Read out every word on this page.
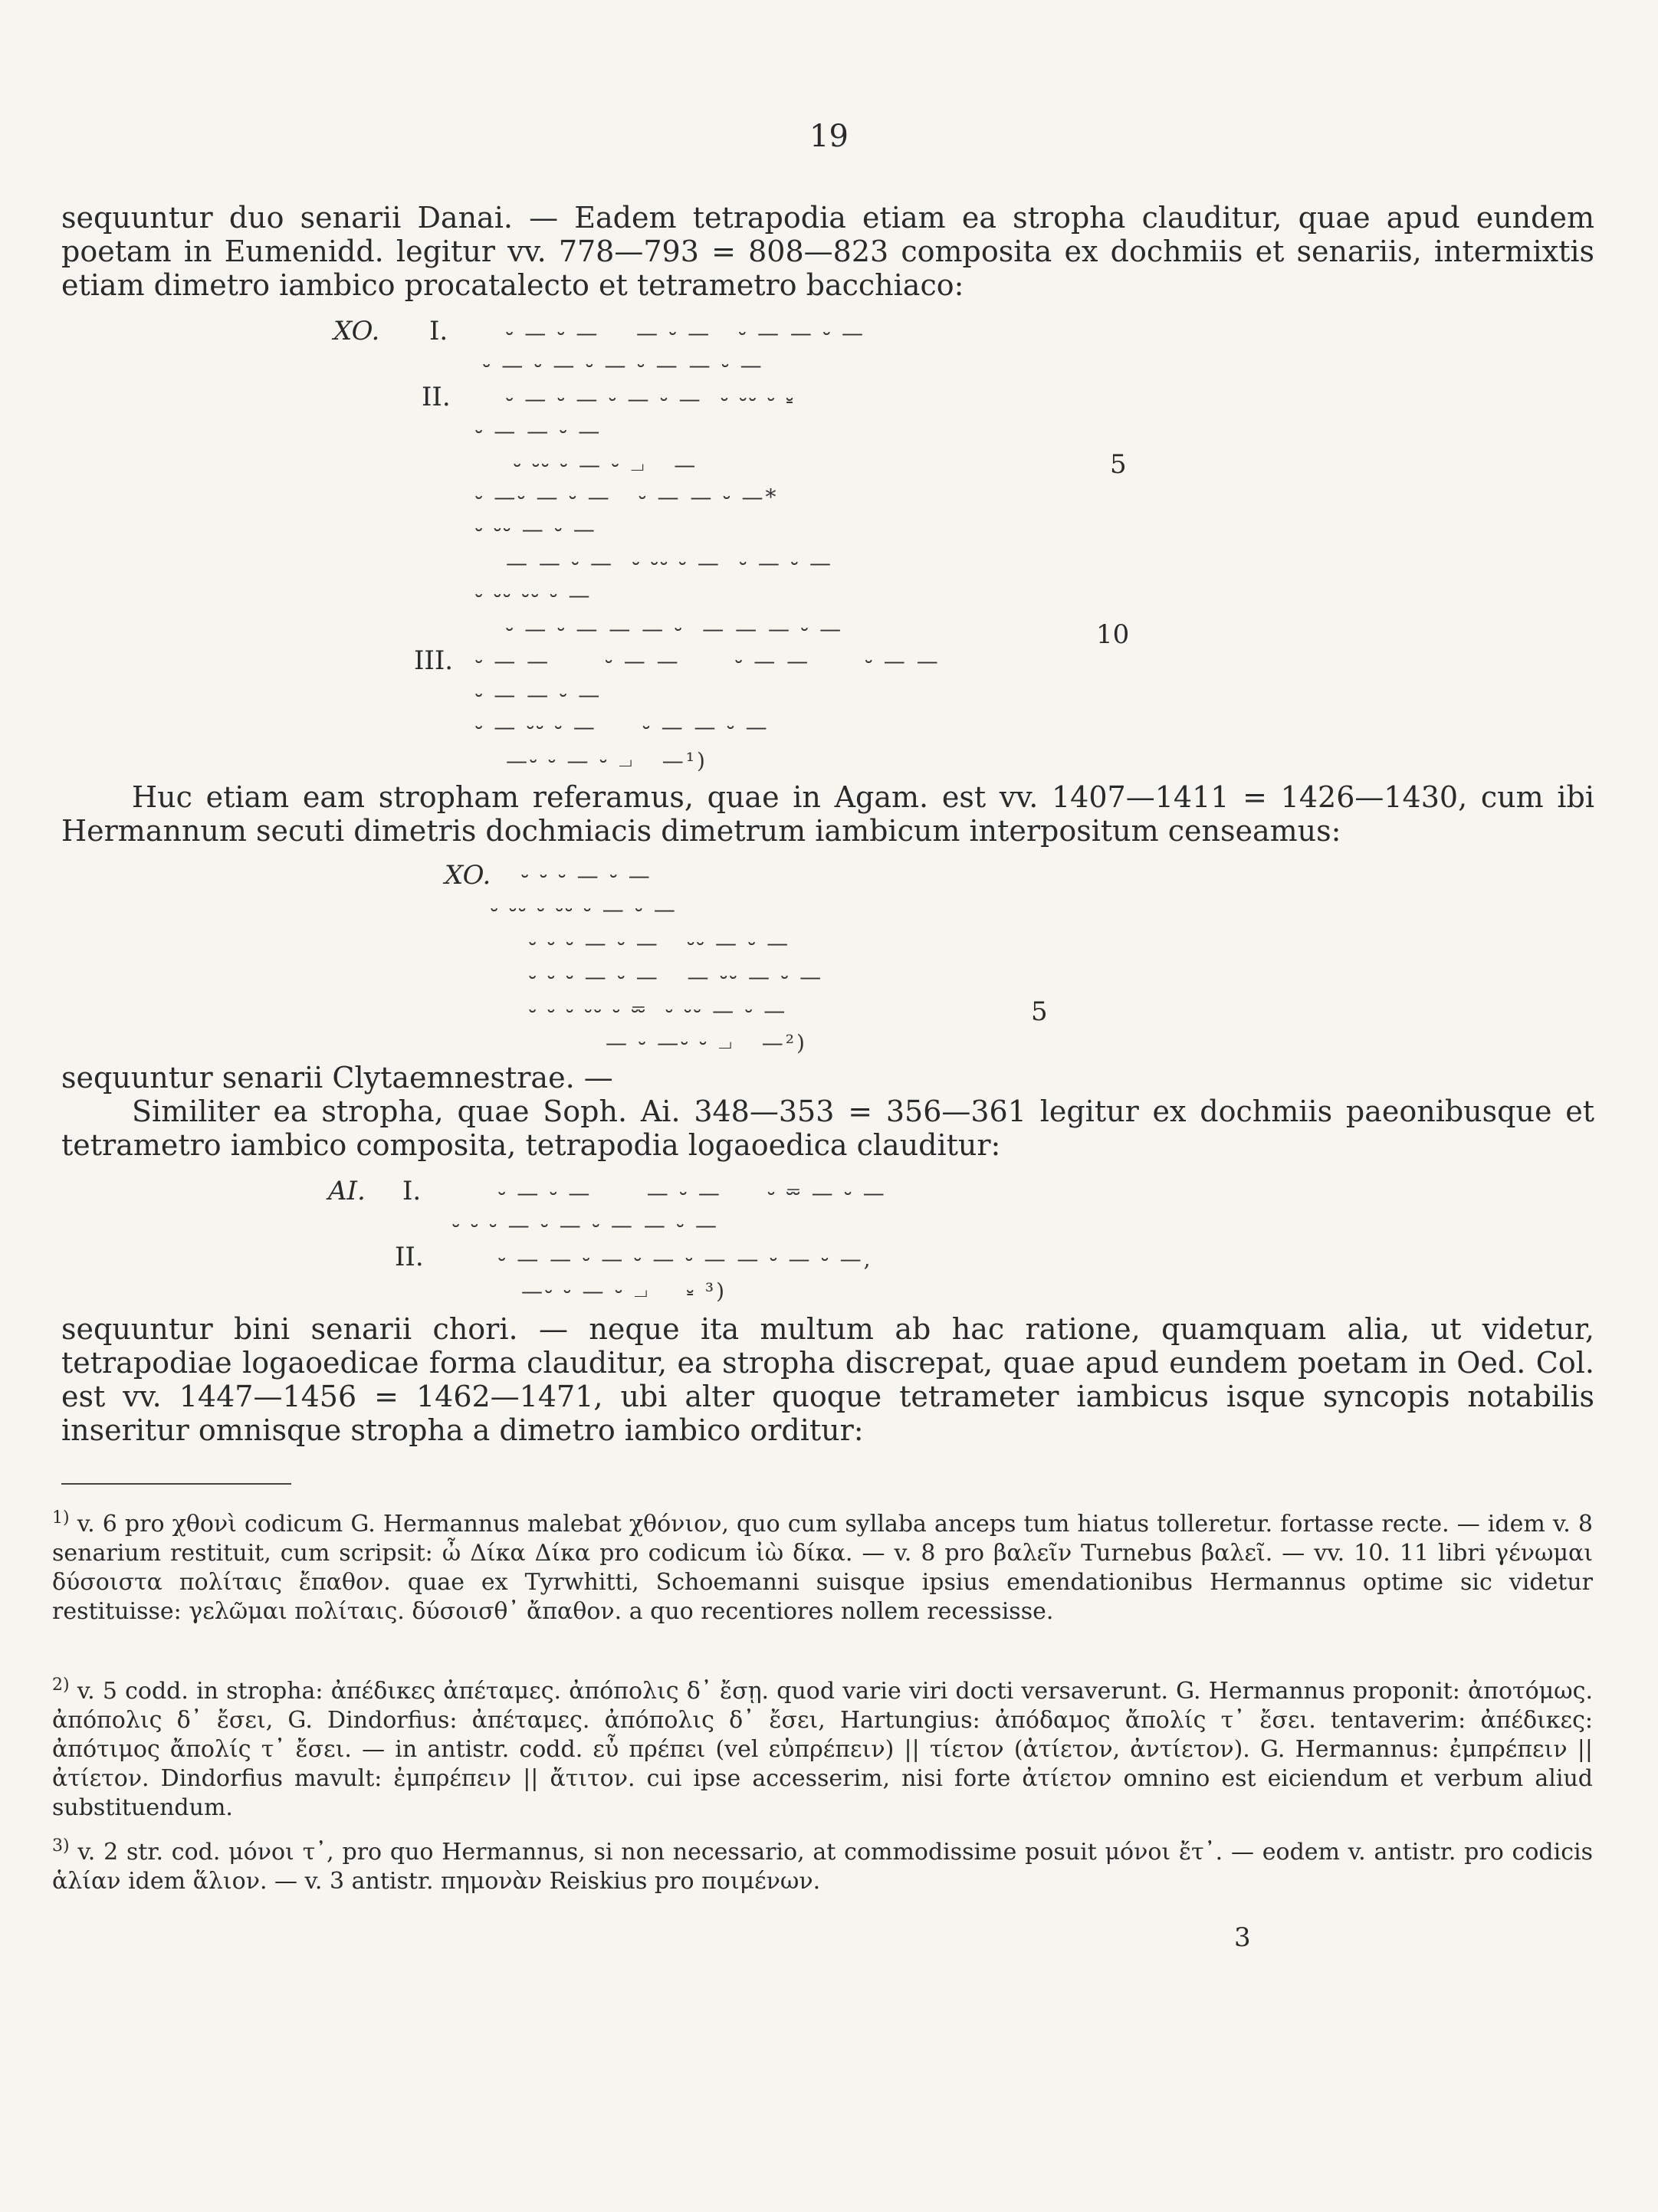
19

sequuntur duo senarii Danai. — Eadem tetrapodia etiam ea stropha clauditur, quae apud eundem poetam in Eumenidd. legitur vv. 778—793 = 808—823 composita ex dochmiis et senariis, intermixtis etiam dimetro iambico procatalecto et tetrametro bacchiaco:

XO. I.
II.
III.
5
10
⏑ — ⏑ —    — ⏑ —   ⏑ — — ⏑ —
⏑ — ⏑ — ⏑ — ⏑ — — ⏑ —
⏑ — ⏑ — ⏑ — ⏑ —  ⏑ ⏑⏑ ⏑ ⏓
⏑ — — ⏑ —
⏑ ⏑⏑ ⏑ — ⏑ ⏗   —
⏑ —⏑ — ⏑ —   ⏑ — — ⏑ —*
⏑ ⏑⏑ — ⏑ —
— — ⏑ —  ⏑ ⏑⏑ ⏑ —  ⏑ — ⏑ —
⏑ ⏑⏑ ⏑⏑ ⏑ —
⏑ — ⏑ — — — ⏑  — — — ⏑ —
⏑ — —      ⏑ — —      ⏑ — —      ⏑ — —
⏑ — — ⏑ —
⏑ — ⏑⏑ ⏑ —     ⏑ — — ⏑ —
—⏑ ⏑ — ⏑ ⏗   —¹)

Huc etiam eam stropham referamus, quae in Agam. est vv. 1407—1411 = 1426—1430, cum ibi Hermannum secuti dimetris dochmiacis dimetrum iambicum interpositum censeamus:

XO.
5
⏑ ⏑ ⏑ — ⏑ —
⏑ ⏑⏑ ⏑ ⏑⏑ ⏑ — ⏑ —
⏑ ⏑ ⏑ — ⏑ —   ⏑⏑ — ⏑ —
⏑ ⏑ ⏑ — ⏑ —   — ⏑⏑ — ⏑ —
⏑ ⏑ ⏑ ⏑⏑ ⏑ ⏔  ⏑ ⏑⏑ — ⏑ —
— ⏑ —⏑ ⏑ ⏗   —²)

sequuntur senarii Clytaemnestrae. —

Similiter ea stropha, quae Soph. Ai. 348—353 = 356—361 legitur ex dochmiis paeonibusque et tetrametro iambico composita, tetrapodia logaoedica clauditur:

AI. I.
II.
⏑ — ⏑ —      — ⏑ —     ⏑ ⏔ — ⏑ —
⏑ ⏑ ⏑ — ⏑ — ⏑ — — ⏑ —
⏑ — — ⏑ — ⏑ — ⏑ — — ⏑ — ⏑ —,
—⏑ ⏑ — ⏑ ⏗    ⏓ ³)

sequuntur bini senarii chori. — neque ita multum ab hac ratione, quamquam alia, ut videtur, tetrapodiae logaoedicae forma clauditur, ea stropha discrepat, quae apud eundem poetam in Oed. Col. est vv. 1447—1456 = 1462—1471, ubi alter quoque tetrameter iambicus isque syncopis notabilis inseritur omnisque stropha a dimetro iambico orditur:

$^{1)}$ v. 6 pro χθονὶ codicum G. Hermannus malebat χθόνιον, quo cum syllaba anceps tum hiatus tolleretur. fortasse recte. — idem v. 8 senarium restituit, cum scripsit: ὦ Δίκα Δίκα pro codicum ἰὼ δίκα. — v. 8 pro βαλεῖν Turnebus βαλεῖ. — vv. 10. 11 libri γένωμαι δύσοιστα πολίταις ἔπαθον. quae ex Tyrwhitti, Schoemanni suisque ipsius emendationibus Hermannus optime sic videtur restituisse: γελῶμαι πολίταις. δύσοισθ᾽ ἄπαθον. a quo recentiores nollem recessisse.

$^{2)}$ v. 5 codd. in stropha: ἀπέδικες ἀπέταμες. ἀπόπολις δ᾽ ἔσῃ. quod varie viri docti versaverunt. G. Hermannus proponit: ἀποτόμως. ἀπόπολις δ᾽ ἔσει, G. Dindorfius: ἀπέταμες. ἀπόπολις δ᾽ ἔσει, Hartungius: ἀπόδαμος ἄπολίς τ᾽ ἔσει. tentaverim: ἀπέδικες: ἀπότιμος ἄπολίς τ᾽ ἔσει. — in antistr. codd. εὖ πρέπει (vel εὐπρέπειν) || τίετον (ἀτίετον, ἀντίετον). G. Hermannus: ἐμπρέπειν || ἀτίετον. Dindorfius mavult: ἐμπρέπειν || ἄτιτον. cui ipse accesserim, nisi forte ἀτίετον omnino est eiciendum et verbum aliud substituendum.

$^{3)}$ v. 2 str. cod. μόνοι τ᾽, pro quo Hermannus, si non necessario, at commodissime posuit μόνοι ἔτ᾽. — eodem v. antistr. pro codicis ἁλίαν idem ἅλιον. — v. 3 antistr. πημονὰν Reiskius pro ποιμένων.

3
